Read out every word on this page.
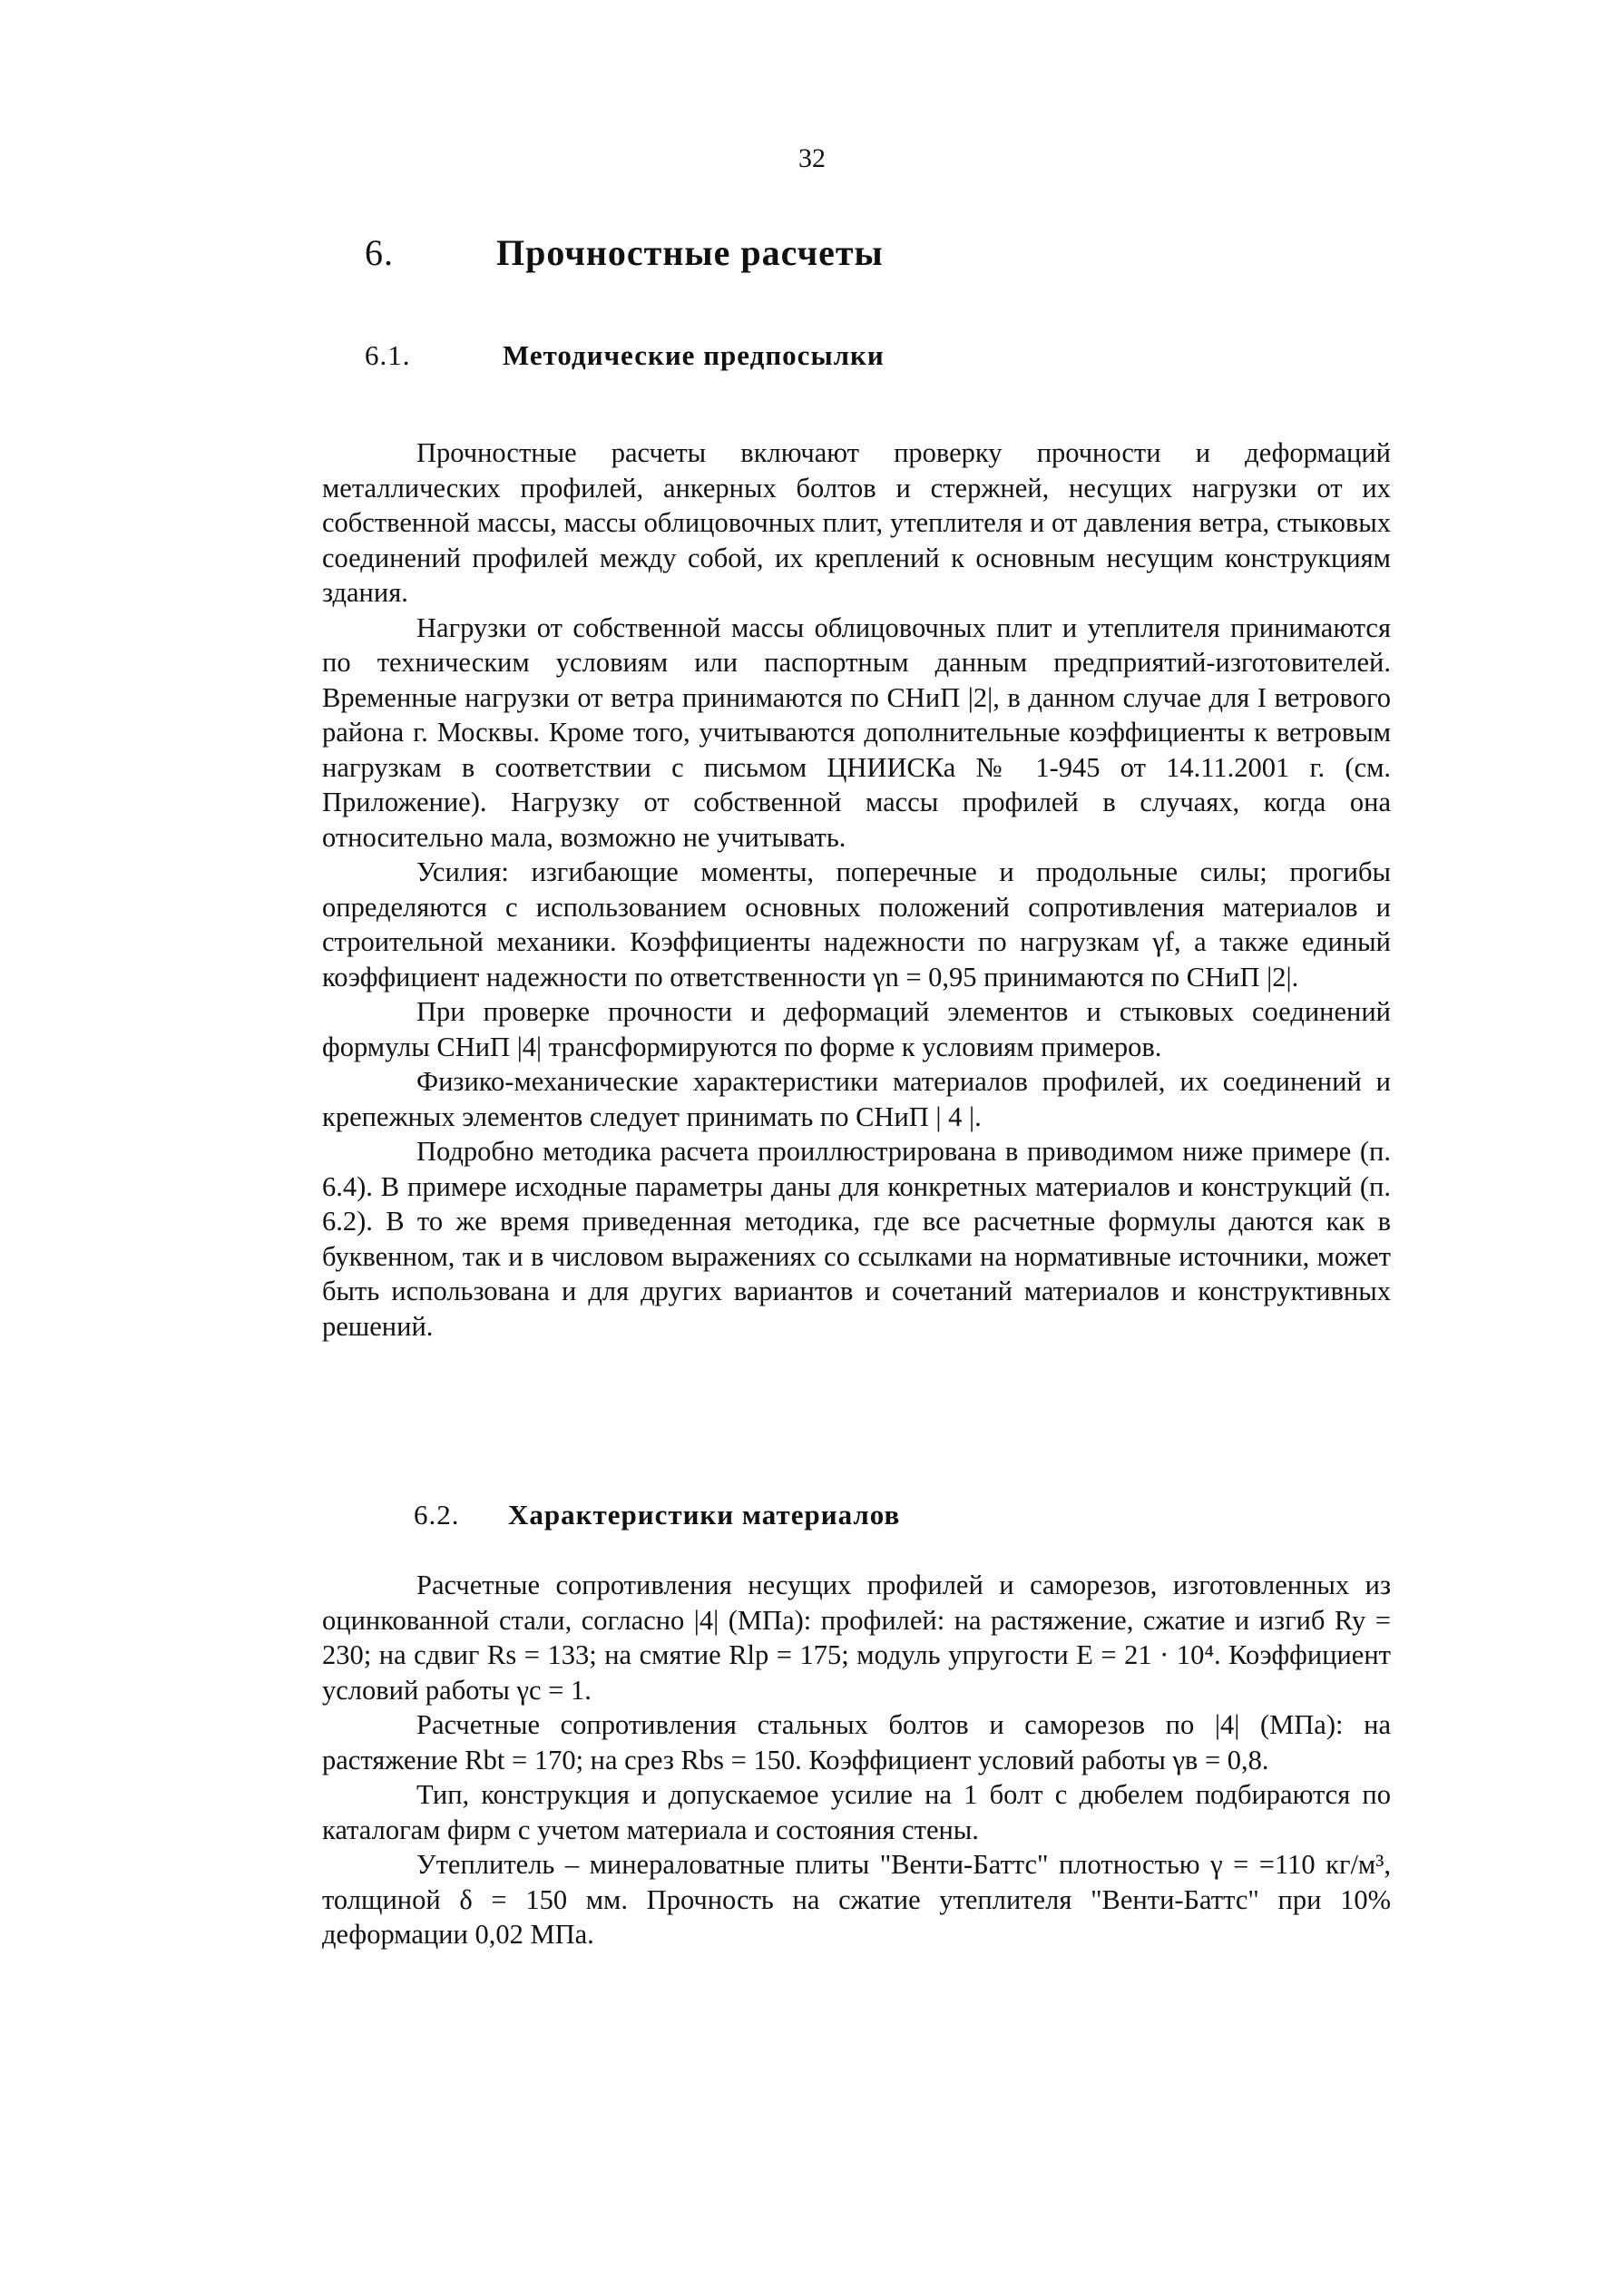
32
6.	Прочностные расчеты
6.1.	Методические предпосылки

Прочностные расчеты включают проверку прочности и деформаций металлических профилей, анкерных болтов и стержней, несущих нагрузки от их собственной массы, массы облицовочных плит, утеплителя и от давления ветра, стыковых соединений профилей между собой, их креплений к основным несущим конструкциям здания.

Нагрузки от собственной массы облицовочных плит и утеплителя принимаются по техническим условиям или паспортным данным предприятий-изготовителей. Временные нагрузки от ветра принимаются по СНиП |2|, в данном случае для I ветрового района г. Москвы. Кроме того, учитываются дополнительные коэффициенты к ветровым нагрузкам в соответствии с письмом ЦНИИСКа № 1-945 от 14.11.2001 г. (см. Приложение). Нагрузку от собственной массы профилей в случаях, когда она относительно мала, возможно не учитывать.

Усилия: изгибающие моменты, поперечные и продольные силы; прогибы определяются с использованием основных положений сопротивления материалов и строительной механики. Коэффициенты надежности по нагрузкам γf, а также единый коэффициент надежности по ответственности γn = 0,95 принимаются по СНиП |2|.

При проверке прочности и деформаций элементов и стыковых соединений формулы СНиП |4| трансформируются по форме к условиям примеров.

Физико-механические характеристики материалов профилей, их соединений и крепежных элементов следует принимать по СНиП | 4 |.

Подробно методика расчета проиллюстрирована в приводимом ниже примере (п. 6.4). В примере исходные параметры даны для конкретных материалов и конструкций (п. 6.2). В то же время приведенная методика, где все расчетные формулы даются как в буквенном, так и в числовом выражениях со ссылками на нормативные источники, может быть использована и для других вариантов и сочетаний материалов и конструктивных решений.

6.2. Характеристики материалов

Расчетные сопротивления несущих профилей и саморезов, изготовленных из оцинкованной стали, согласно |4| (МПа): профилей: на растяжение, сжатие и изгиб Ry = 230; на сдвиг Rs = 133; на смятие Rlp = 175; модуль упругости E = 21 · 10⁴. Коэффициент условий работы γc = 1.

Расчетные сопротивления стальных болтов и саморезов по |4| (МПа): на растяжение Rbt = 170; на срез Rbs = 150. Коэффициент условий работы γв = 0,8.

Тип, конструкция и допускаемое усилие на 1 болт с дюбелем подбираются по каталогам фирм с учетом материала и состояния стены.

Утеплитель – минераловатные плиты "Венти-Баттс" плотностью γ = =110 кг/м³, толщиной δ = 150 мм. Прочность на сжатие утеплителя "Венти-Баттс" при 10% деформации 0,02 МПа.
